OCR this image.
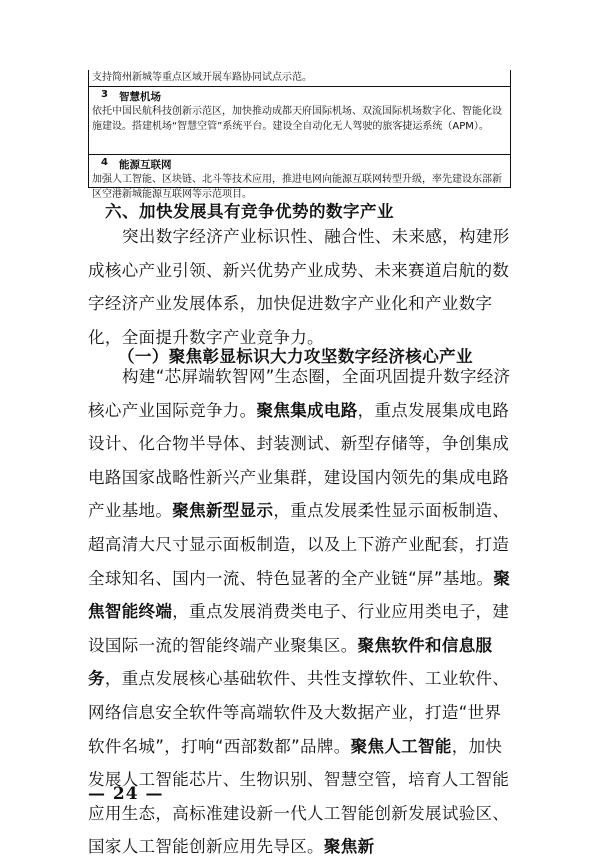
支持简州新城等重点区域开展车路协同试点示范。
3 智慧机场
依托中国民航科技创新示范区，加快推动成都天府国际机场、双流国际机场数字化、智能化设施建设。搭建机场“智慧空管”系统平台。建设全自动化无人驾驶的旅客捷运系统（APM）。
4 能源互联网
加强人工智能、区块链、北斗等技术应用，推进电网向能源互联网转型升级，率先建设东部新区空港新城能源互联网等示范项目。
六、加快发展具有竞争优势的数字产业
突出数字经济产业标识性、融合性、未来感，构建形成核心产业引领、新兴优势产业成势、未来赛道启航的数字经济产业发展体系，加快促进数字产业化和产业数字化，全面提升数字产业竞争力。
（一）聚焦彰显标识大力攻坚数字经济核心产业
构建“芯屏端软智网”生态圈，全面巩固提升数字经济核心产业国际竞争力。聚焦集成电路，重点发展集成电路设计、化合物半导体、封装测试、新型存储等，争创集成电路国家战略性新兴产业集群，建设国内领先的集成电路产业基地。聚焦新型显示，重点发展柔性显示面板制造、超高清大尺寸显示面板制造，以及上下游产业配套，打造全球知名、国内一流、特色显著的全产业链“屏”基地。聚焦智能终端，重点发展消费类电子、行业应用类电子，建设国际一流的智能终端产业聚集区。聚焦软件和信息服务，重点发展核心基础软件、共性支撑软件、工业软件、网络信息安全软件等高端软件及大数据产业，打造“世界软件名城”，打响“西部数都”品牌。聚焦人工智能，加快发展人工智能芯片、生物识别、智慧空管，培育人工智能应用生态，高标准建设新一代人工智能创新发展试验区、国家人工智能创新应用先导区。聚焦新
— 24 —
